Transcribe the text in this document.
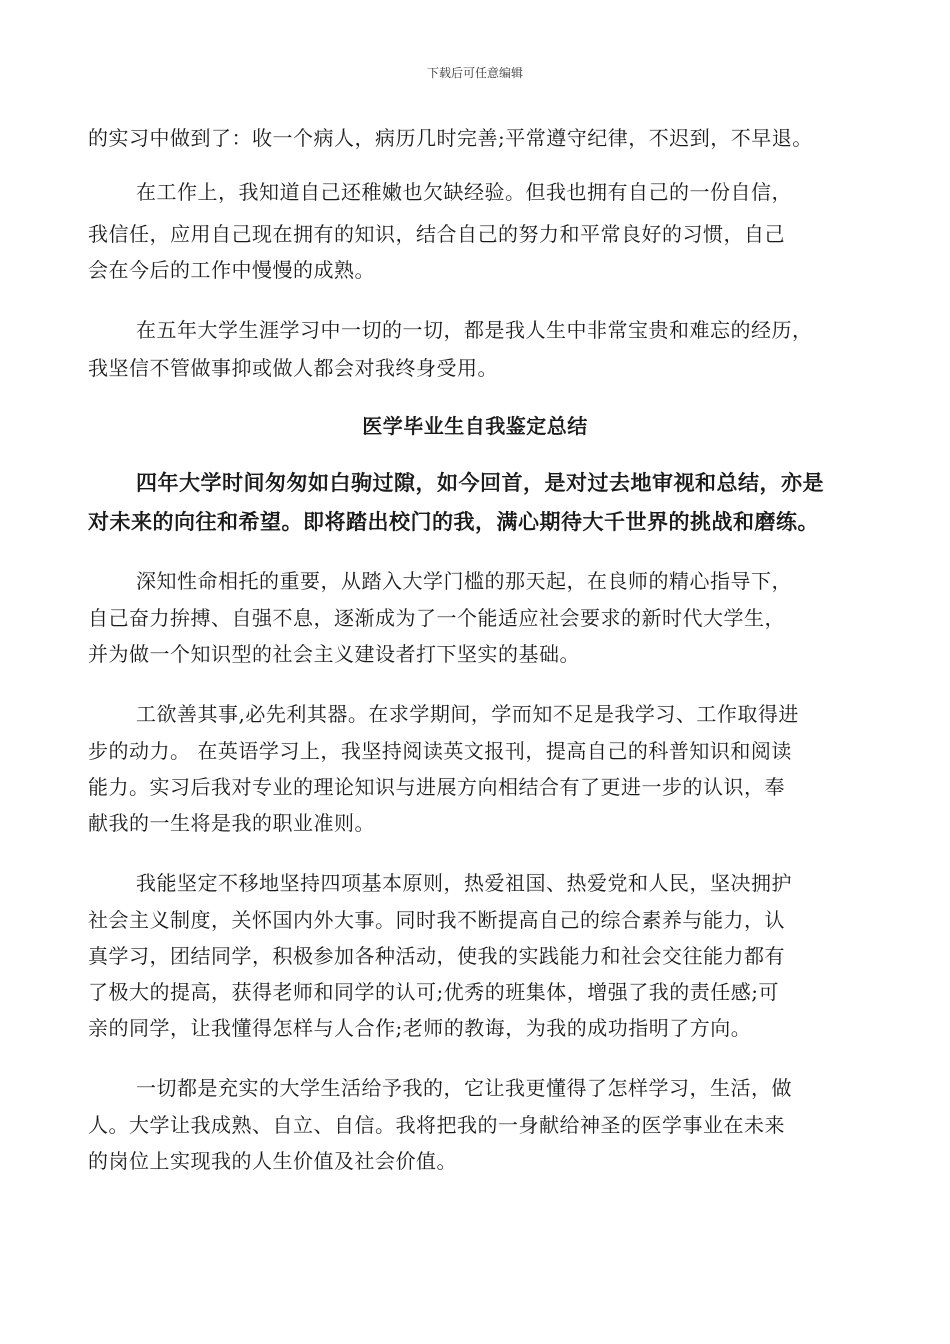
下载后可任意编辑
的实习中做到了：收一个病人，病历几时完善;平常遵守纪律，不迟到，不早退。
在工作上，我知道自己还稚嫩也欠缺经验。但我也拥有自己的一份自信，
我信任，应用自己现在拥有的知识，结合自己的努力和平常良好的习惯，自己
会在今后的工作中慢慢的成熟。
在五年大学生涯学习中一切的一切，都是我人生中非常宝贵和难忘的经历，
我坚信不管做事抑或做人都会对我终身受用。
医学毕业生自我鉴定总结
四年大学时间匆匆如白驹过隙，如今回首，是对过去地审视和总结，亦是
对未来的向往和希望。即将踏出校门的我，满心期待大千世界的挑战和磨练。
深知性命相托的重要，从踏入大学门槛的那天起，在良师的精心指导下，
自己奋力拚搏、自强不息，逐渐成为了一个能适应社会要求的新时代大学生，
并为做一个知识型的社会主义建设者打下坚实的基础。
工欲善其事,必先利其器。在求学期间，学而知不足是我学习、工作取得进
步的动力。 在英语学习上，我坚持阅读英文报刊，提高自己的科普知识和阅读
能力。实习后我对专业的理论知识与进展方向相结合有了更进一步的认识，奉
献我的一生将是我的职业准则。
我能坚定不移地坚持四项基本原则，热爱祖国、热爱党和人民，坚决拥护
社会主义制度，关怀国内外大事。同时我不断提高自己的综合素养与能力，认
真学习，团结同学，积极参加各种活动，使我的实践能力和社会交往能力都有
了极大的提高，获得老师和同学的认可;优秀的班集体，增强了我的责任感;可
亲的同学，让我懂得怎样与人合作;老师的教诲，为我的成功指明了方向。
一切都是充实的大学生活给予我的，它让我更懂得了怎样学习，生活，做
人。大学让我成熟、自立、自信。我将把我的一身献给神圣的医学事业在未来
的岗位上实现我的人生价值及社会价值。
